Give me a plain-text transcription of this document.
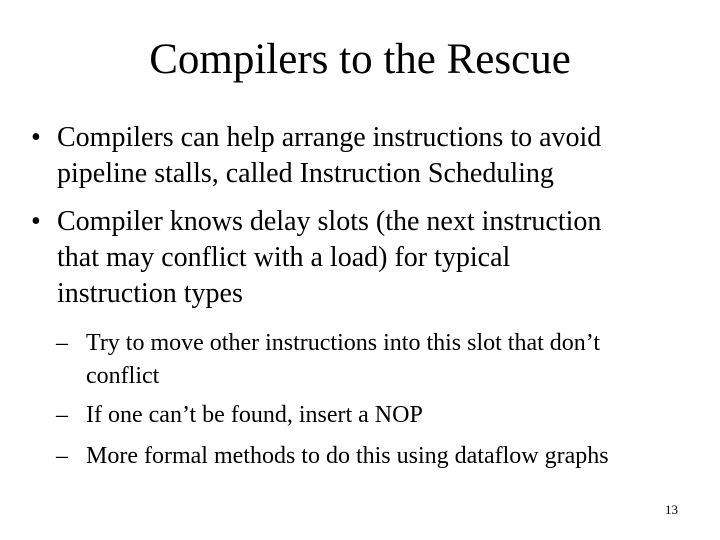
Compilers to the Rescue
• Compilers can help arrange instructions to avoid
pipeline stalls, called Instruction Scheduling
• Compiler knows delay slots (the next instruction
that may conflict with a load) for typical
instruction types
– Try to move other instructions into this slot that don’t
conflict
– If one can’t be found, insert a NOP
– More formal methods to do this using dataflow graphs
13
